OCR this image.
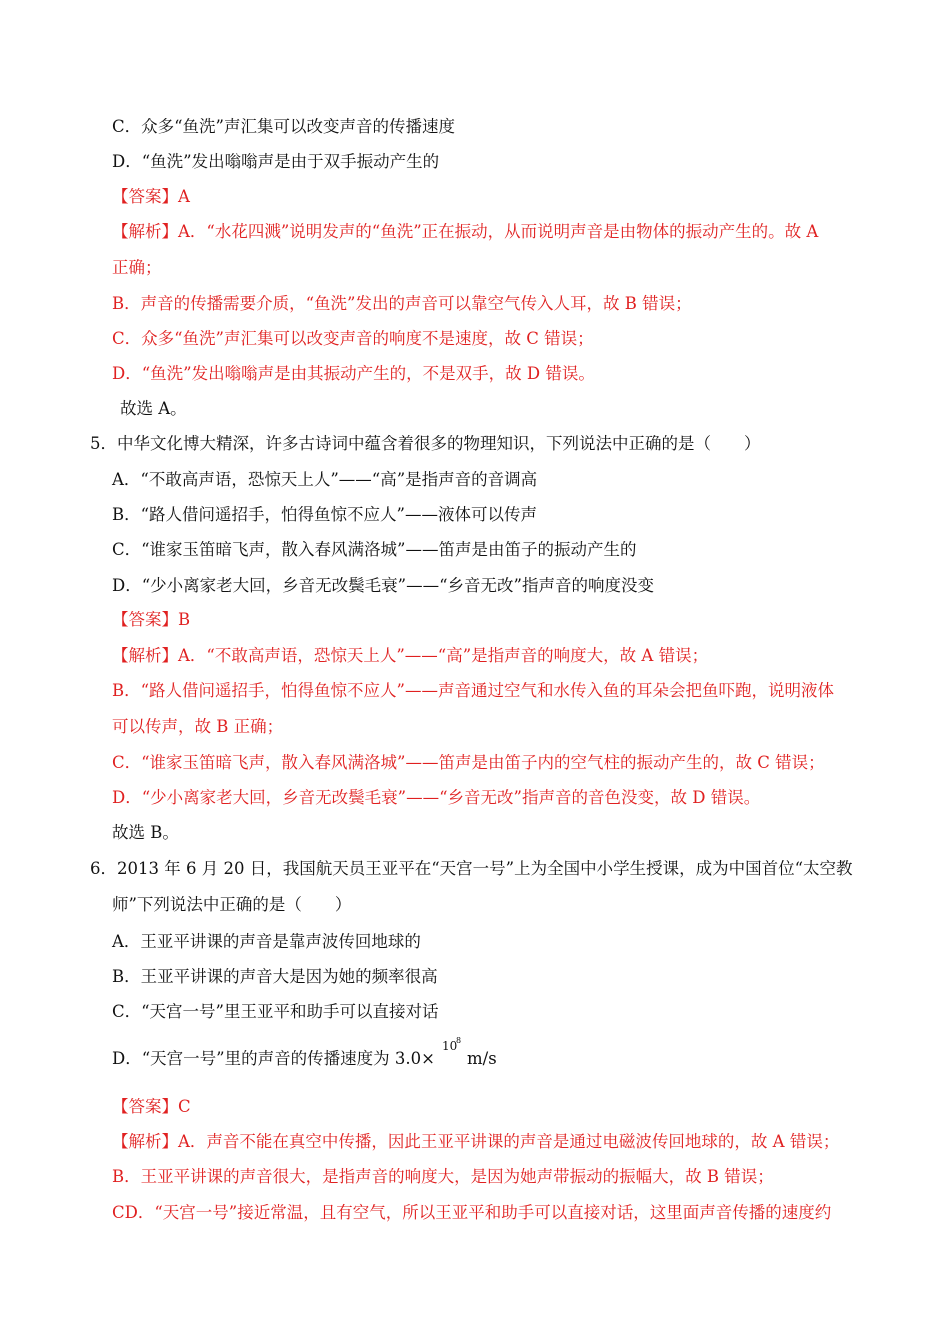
C．众多“鱼洗”声汇集可以改变声音的传播速度
D．“鱼洗”发出嗡嗡声是由于双手振动产生的
【答案】A
【解析】A．“水花四溅”说明发声的“鱼洗”正在振动，从而说明声音是由物体的振动产生的。故 A
正确；
B．声音的传播需要介质，“鱼洗”发出的声音可以靠空气传入人耳，故 B 错误；
C．众多“鱼洗”声汇集可以改变声音的响度不是速度，故 C 错误；
D．“鱼洗”发出嗡嗡声是由其振动产生的，不是双手，故 D 错误。
故选 A。
5．中华文化博大精深，许多古诗词中蕴含着很多的物理知识，下列说法中正确的是（　　）
A．“不敢高声语，恐惊天上人”——“高”是指声音的音调高
B．“路人借问遥招手，怕得鱼惊不应人”——液体可以传声
C．“谁家玉笛暗飞声，散入春风满洛城”——笛声是由笛子的振动产生的
D．“少小离家老大回，乡音无改鬓毛衰”——“乡音无改”指声音的响度没变
【答案】B
【解析】A．“不敢高声语，恐惊天上人”——“高”是指声音的响度大，故 A 错误；
B．“路人借问遥招手，怕得鱼惊不应人”——声音通过空气和水传入鱼的耳朵会把鱼吓跑，说明液体
可以传声，故 B 正确；
C．“谁家玉笛暗飞声，散入春风满洛城”——笛声是由笛子内的空气柱的振动产生的，故 C 错误；
D．“少小离家老大回，乡音无改鬓毛衰”——“乡音无改”指声音的音色没变，故 D 错误。
故选 B。
6．2013 年 6 月 20 日，我国航天员王亚平在“天宫一号”上为全国中小学生授课，成为中国首位“太空教
师”下列说法中正确的是（　　）
A．王亚平讲课的声音是靠声波传回地球的
B．王亚平讲课的声音大是因为她的频率很高
C．“天宫一号”里王亚平和助手可以直接对话
D．“天宫一号”里的声音的传播速度为 3.0×
10
8
m/s
【答案】C
【解析】A．声音不能在真空中传播，因此王亚平讲课的声音是通过电磁波传回地球的，故 A 错误；
B．王亚平讲课的声音很大，是指声音的响度大，是因为她声带振动的振幅大，故 B 错误；
CD．“天宫一号”接近常温，且有空气，所以王亚平和助手可以直接对话，这里面声音传播的速度约
